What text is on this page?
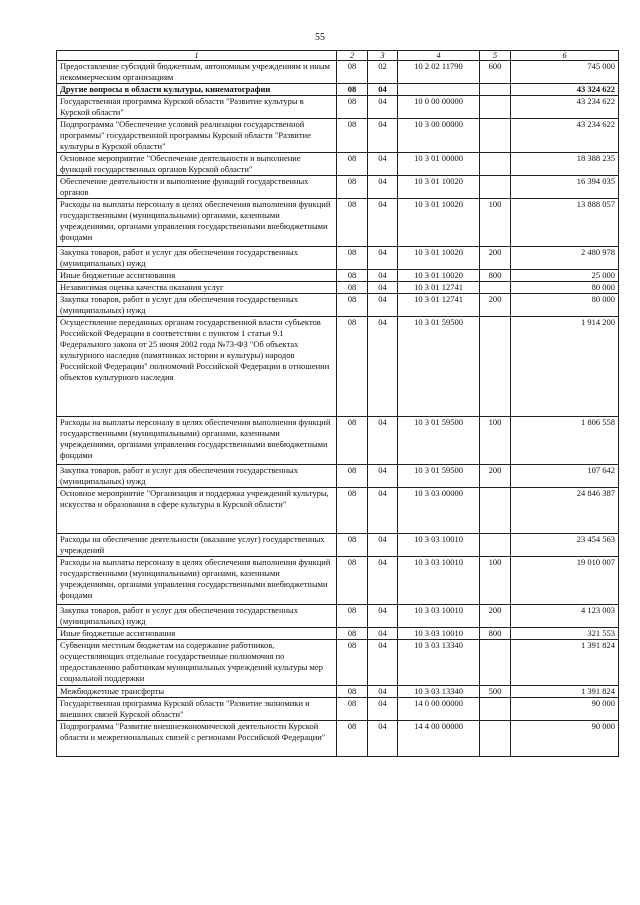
55
1	2	3	4	5	6
Предоставление субсидий бюджетным, автономным учреждениям и иным некоммерческим организациям	08	02	10 2 02 11790	600	745 000
Другие вопросы в области культуры, кинематографии	08	04			43 324 622
Государственная программа Курской области "Развитие культуры в Курской области"	08	04	10 0 00 00000		43 234 622
Подпрограмма "Обеспечение условий реализации государственной программы" государственной программы Курской области "Развитие культуры в Курской области"	08	04	10 3 00 00000		43 234 622
Основное мероприятие "Обеспечение деятельности и выполнение функций государственных органов Курской области"	08	04	10 3 01 00000		18 388 235
Обеспечение деятельности и выполнение функций государственных органов	08	04	10 3 01 10020		16 394 035
Расходы на выплаты персоналу в целях обеспечения выполнения функций государственными (муниципальными) органами, казенными учреждениями, органами управления государственными внебюджетными фондами	08	04	10 3 01 10020	100	13 888 057
Закупка товаров, работ и услуг для обеспечения государственных (муниципальных) нужд	08	04	10 3 01 10020	200	2 480 978
Иные бюджетные ассигнования	08	04	10 3 01 10020	800	25 000
Независимая оценка качества оказания услуг	08	04	10 3 01 12741		80 000
Закупка товаров, работ и услуг для обеспечения государственных (муниципальных) нужд	08	04	10 3 01 12741	200	80 000
Осуществление переданных органам государственной власти субъектов Российской Федерации в соответствии с пунктом 1 статьи 9.1 Федерального закона от 25 июня 2002 года №73-ФЗ "Об объектах культурного наследия (памятниках истории и культуры) народов Российской Федерации" полномочий Российской Федерации в отношении объектов культурного наследия	08	04	10 3 01 59500		1 914 200
Расходы на выплаты персоналу в целях обеспечения выполнения функций государственными (муниципальными) органами, казенными учреждениями, органами управления государственными внебюджетными фондами	08	04	10 3 01 59500	100	1 806 558
Закупка товаров, работ и услуг для обеспечения государственных (муниципальных) нужд	08	04	10 3 01 59500	200	107 642
Основное мероприятие "Организация и поддержка учреждений культуры, искусства и образования в сфере культуры в Курской области"	08	04	10 3 03 00000		24 846 387
Расходы на обеспечение деятельности (оказание услуг) государственных учреждений	08	04	10 3 03 10010		23 454 563
Расходы на выплаты персоналу в целях обеспечения выполнения функций государственными (муниципальными) органами, казенными учреждениями, органами управления государственными внебюджетными фондами	08	04	10 3 03 10010	100	19 010 007
Закупка товаров, работ и услуг для обеспечения государственных (муниципальных) нужд	08	04	10 3 03 10010	200	4 123 003
Иные бюджетные ассигнования	08	04	10 3 03 10010	800	321 553
Субвенции местным бюджетам на содержание работников, осуществляющих отдельные государственные полномочия по предоставлению работникам муниципальных учреждений культуры мер социальной поддержки	08	04	10 3 03 13340		1 391 824
Межбюджетные трансферты	08	04	10 3 03 13340	500	1 391 824
Государственная программа Курской области "Развитие экономики и внешних связей Курской области"	08	04	14 0 00 00000		90 000
Подпрограмма "Развитие внешнеэкономической деятельности Курской области и межрегиональных связей с регионами Российской Федерации"	08	04	14 4 00 00000		90 000
